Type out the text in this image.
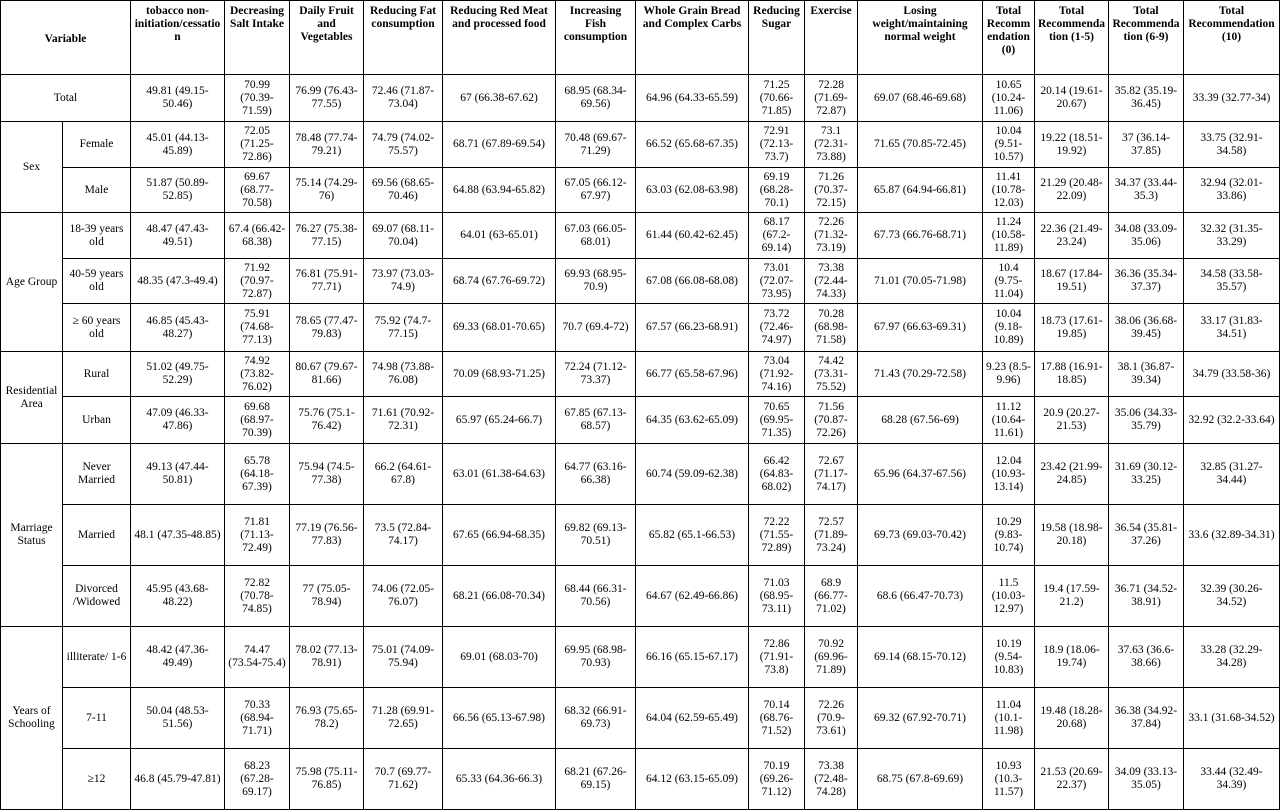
Variable		tobacco non-initiation/cessation	Decreasing Salt Intake	Daily Fruit and Vegetables	Reducing Fat consumption	Reducing Red Meat and processed food	Increasing Fish consumption	Whole Grain Bread and Complex Carbs	Reducing Sugar	Exercise	Losing weight/maintaining normal weight	Total Recommendation (0)	Total Recommendation (1-5)	Total Recommendation (6-9)	Total Recommendation (10)
Total		49.81 (49.15-50.46)	70.99 (70.39-71.59)	76.99 (76.43-77.55)	72.46 (71.87-73.04)	67 (66.38-67.62)	68.95 (68.34-69.56)	64.96 (64.33-65.59)	71.25 (70.66-71.85)	72.28 (71.69-72.87)	69.07 (68.46-69.68)	10.65 (10.24-11.06)	20.14 (19.61-20.67)	35.82 (35.19-36.45)	33.39 (32.77-34)
Sex	Female	45.01 (44.13-45.89)	72.05 (71.25-72.86)	78.48 (77.74-79.21)	74.79 (74.02-75.57)	68.71 (67.89-69.54)	70.48 (69.67-71.29)	66.52 (65.68-67.35)	72.91 (72.13-73.7)	73.1 (72.31-73.88)	71.65 (70.85-72.45)	10.04 (9.51-10.57)	19.22 (18.51-19.92)	37 (36.14-37.85)	33.75 (32.91-34.58)
	Male	51.87 (50.89-52.85)	69.67 (68.77-70.58)	75.14 (74.29-76)	69.56 (68.65-70.46)	64.88 (63.94-65.82)	67.05 (66.12-67.97)	63.03 (62.08-63.98)	69.19 (68.28-70.1)	71.26 (70.37-72.15)	65.87 (64.94-66.81)	11.41 (10.78-12.03)	21.29 (20.48-22.09)	34.37 (33.44-35.3)	32.94 (32.01-33.86)
Age Group	18-39 years old	48.47 (47.43-49.51)	67.4 (66.42-68.38)	76.27 (75.38-77.15)	69.07 (68.11-70.04)	64.01 (63-65.01)	67.03 (66.05-68.01)	61.44 (60.42-62.45)	68.17 (67.2-69.14)	72.26 (71.32-73.19)	67.73 (66.76-68.71)	11.24 (10.58-11.89)	22.36 (21.49-23.24)	34.08 (33.09-35.06)	32.32 (31.35-33.29)
	40-59 years old	48.35 (47.3-49.4)	71.92 (70.97-72.87)	76.81 (75.91-77.71)	73.97 (73.03-74.9)	68.74 (67.76-69.72)	69.93 (68.95-70.9)	67.08 (66.08-68.08)	73.01 (72.07-73.95)	73.38 (72.44-74.33)	71.01 (70.05-71.98)	10.4 (9.75-11.04)	18.67 (17.84-19.51)	36.36 (35.34-37.37)	34.58 (33.58-35.57)
	≥ 60 years old	46.85 (45.43-48.27)	75.91 (74.68-77.13)	78.65 (77.47-79.83)	75.92 (74.7-77.15)	69.33 (68.01-70.65)	70.7 (69.4-72)	67.57 (66.23-68.91)	73.72 (72.46-74.97)	70.28 (68.98-71.58)	67.97 (66.63-69.31)	10.04 (9.18-10.89)	18.73 (17.61-19.85)	38.06 (36.68-39.45)	33.17 (31.83-34.51)
Residential Area	Rural	51.02 (49.75-52.29)	74.92 (73.82-76.02)	80.67 (79.67-81.66)	74.98 (73.88-76.08)	70.09 (68.93-71.25)	72.24 (71.12-73.37)	66.77 (65.58-67.96)	73.04 (71.92-74.16)	74.42 (73.31-75.52)	71.43 (70.29-72.58)	9.23 (8.5-9.96)	17.88 (16.91-18.85)	38.1 (36.87-39.34)	34.79 (33.58-36)
	Urban	47.09 (46.33-47.86)	69.68 (68.97-70.39)	75.76 (75.1-76.42)	71.61 (70.92-72.31)	65.97 (65.24-66.7)	67.85 (67.13-68.57)	64.35 (63.62-65.09)	70.65 (69.95-71.35)	71.56 (70.87-72.26)	68.28 (67.56-69)	11.12 (10.64-11.61)	20.9 (20.27-21.53)	35.06 (34.33-35.79)	32.92 (32.2-33.64)
Marriage Status	Never Married	49.13 (47.44-50.81)	65.78 (64.18-67.39)	75.94 (74.5-77.38)	66.2 (64.61-67.8)	63.01 (61.38-64.63)	64.77 (63.16-66.38)	60.74 (59.09-62.38)	66.42 (64.83-68.02)	72.67 (71.17-74.17)	65.96 (64.37-67.56)	12.04 (10.93-13.14)	23.42 (21.99-24.85)	31.69 (30.12-33.25)	32.85 (31.27-34.44)
	Married	48.1 (47.35-48.85)	71.81 (71.13-72.49)	77.19 (76.56-77.83)	73.5 (72.84-74.17)	67.65 (66.94-68.35)	69.82 (69.13-70.51)	65.82 (65.1-66.53)	72.22 (71.55-72.89)	72.57 (71.89-73.24)	69.73 (69.03-70.42)	10.29 (9.83-10.74)	19.58 (18.98-20.18)	36.54 (35.81-37.26)	33.6 (32.89-34.31)
	Divorced /Widowed	45.95 (43.68-48.22)	72.82 (70.78-74.85)	77 (75.05-78.94)	74.06 (72.05-76.07)	68.21 (66.08-70.34)	68.44 (66.31-70.56)	64.67 (62.49-66.86)	71.03 (68.95-73.11)	68.9 (66.77-71.02)	68.6 (66.47-70.73)	11.5 (10.03-12.97)	19.4 (17.59-21.2)	36.71 (34.52-38.91)	32.39 (30.26-34.52)
Years of Schooling	illiterate/ 1-6	48.42 (47.36-49.49)	74.47 (73.54-75.4)	78.02 (77.13-78.91)	75.01 (74.09-75.94)	69.01 (68.03-70)	69.95 (68.98-70.93)	66.16 (65.15-67.17)	72.86 (71.91-73.8)	70.92 (69.96-71.89)	69.14 (68.15-70.12)	10.19 (9.54-10.83)	18.9 (18.06-19.74)	37.63 (36.6-38.66)	33.28 (32.29-34.28)
	7-11	50.04 (48.53-51.56)	70.33 (68.94-71.71)	76.93 (75.65-78.2)	71.28 (69.91-72.65)	66.56 (65.13-67.98)	68.32 (66.91-69.73)	64.04 (62.59-65.49)	70.14 (68.76-71.52)	72.26 (70.9-73.61)	69.32 (67.92-70.71)	11.04 (10.1-11.98)	19.48 (18.28-20.68)	36.38 (34.92-37.84)	33.1 (31.68-34.52)
	≥12	46.8 (45.79-47.81)	68.23 (67.28-69.17)	75.98 (75.11-76.85)	70.7 (69.77-71.62)	65.33 (64.36-66.3)	68.21 (67.26-69.15)	64.12 (63.15-65.09)	70.19 (69.26-71.12)	73.38 (72.48-74.28)	68.75 (67.8-69.69)	10.93 (10.3-11.57)	21.53 (20.69-22.37)	34.09 (33.13-35.05)	33.44 (32.49-34.39)
